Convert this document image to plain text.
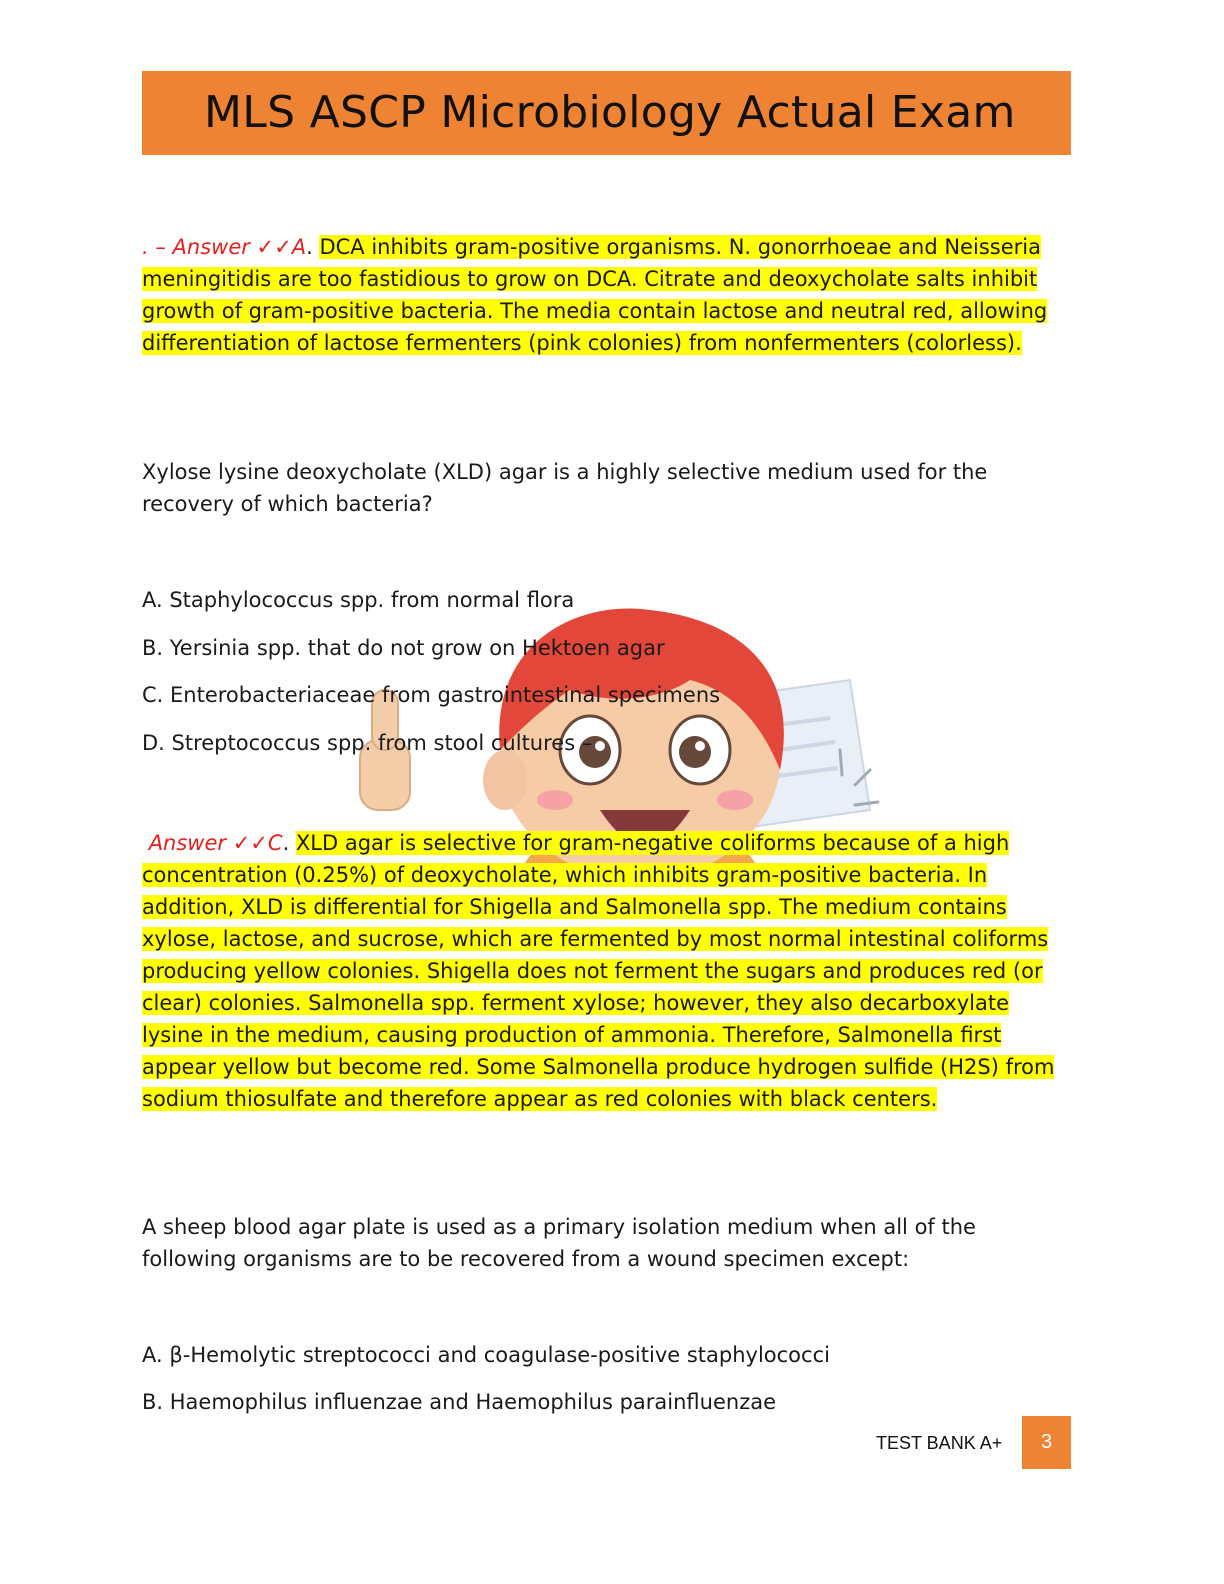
MLS ASCP Microbiology Actual Exam

. – Answer ✓✓A. DCA inhibits gram-positive organisms. N. gonorrhoeae and Neisseria meningitidis are too fastidious to grow on DCA. Citrate and deoxycholate salts inhibit growth of gram-positive bacteria. The media contain lactose and neutral red, allowing differentiation of lactose fermenters (pink colonies) from nonfermenters (colorless).

Xylose lysine deoxycholate (XLD) agar is a highly selective medium used for the recovery of which bacteria?

A. Staphylococcus spp. from normal flora

B. Yersinia spp. that do not grow on Hektoen agar

C. Enterobacteriaceae from gastrointestinal specimens

D. Streptococcus spp. from stool cultures –

Answer ✓✓C. XLD agar is selective for gram-negative coliforms because of a high concentration (0.25%) of deoxycholate, which inhibits gram-positive bacteria. In addition, XLD is differential for Shigella and Salmonella spp. The medium contains xylose, lactose, and sucrose, which are fermented by most normal intestinal coliforms producing yellow colonies. Shigella does not ferment the sugars and produces red (or clear) colonies. Salmonella spp. ferment xylose; however, they also decarboxylate lysine in the medium, causing production of ammonia. Therefore, Salmonella first appear yellow but become red. Some Salmonella produce hydrogen sulfide (H2S) from sodium thiosulfate and therefore appear as red colonies with black centers.

A sheep blood agar plate is used as a primary isolation medium when all of the following organisms are to be recovered from a wound specimen except:

A. β-Hemolytic streptococci and coagulase-positive staphylococci

B. Haemophilus influenzae and Haemophilus parainfluenzae

TEST BANK A+	3
